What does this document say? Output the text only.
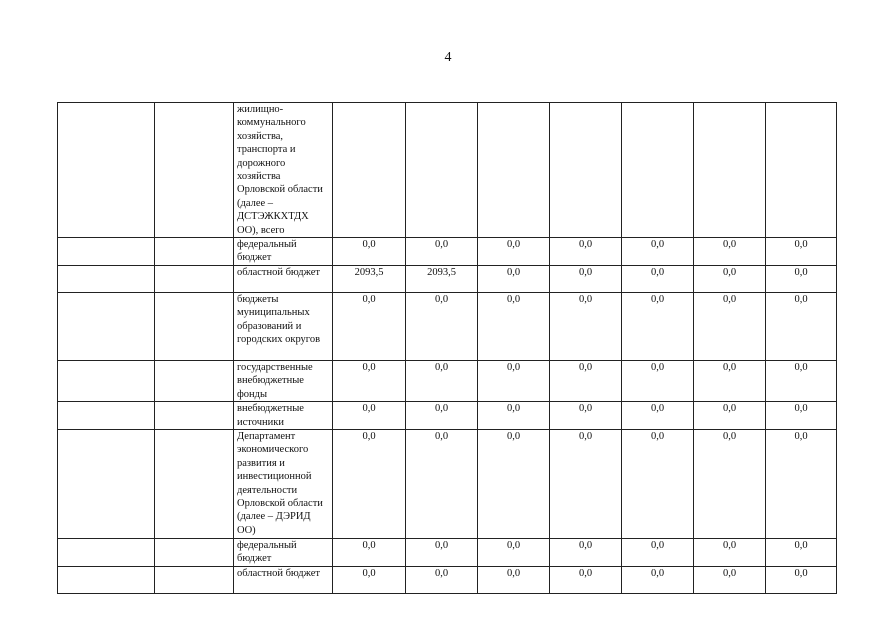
4
		жилищно-коммунального хозяйства, транспорта и дорожного хозяйства Орловской области (далее – ДСТЭЖКХТДХ ОО), всего							
		федеральный бюджет	0,0	0,0	0,0	0,0	0,0	0,0	0,0
		областной бюджет	2093,5	2093,5	0,0	0,0	0,0	0,0	0,0
		бюджеты муниципальных образований и городских округов	0,0	0,0	0,0	0,0	0,0	0,0	0,0
		государственные внебюджетные фонды	0,0	0,0	0,0	0,0	0,0	0,0	0,0
		внебюджетные источники	0,0	0,0	0,0	0,0	0,0	0,0	0,0
		Департамент экономического развития и инвестиционной деятельности Орловской области (далее – ДЭРИД ОО)	0,0	0,0	0,0	0,0	0,0	0,0	0,0
		федеральный бюджет	0,0	0,0	0,0	0,0	0,0	0,0	0,0
		областной бюджет	0,0	0,0	0,0	0,0	0,0	0,0	0,0
